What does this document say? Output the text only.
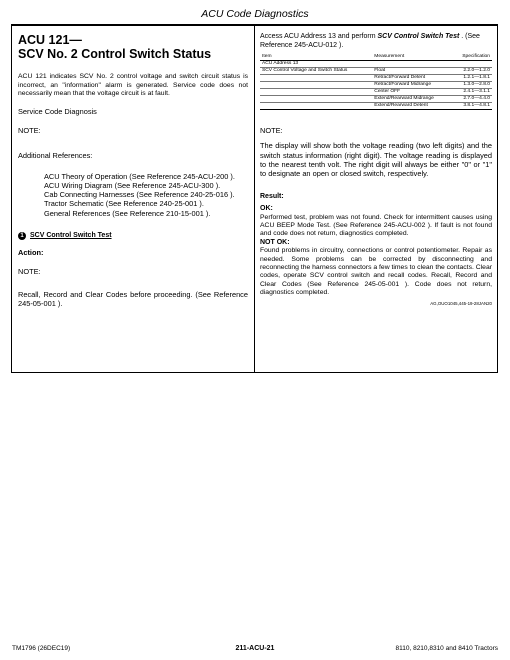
ACU Code Diagnostics
ACU 121—
SCV No. 2 Control Switch Status
ACU 121 indicates SCV No. 2 control voltage and switch circuit status is incorrect, an "information" alarm is generated. Service code does not necessarily mean that the voltage circuit is at fault.
Service Code Diagnosis
NOTE:
Additional References:
ACU Theory of Operation (See Reference 245-ACU-200 ).
ACU Wiring Diagram (See Reference 245-ACU-300 ).
Cab Connecting Harnesses (See Reference 240-25-016 ).
Tractor Schematic (See Reference 240-25-001 ).
General References (See Reference 210-15-001 ).
1 SCV Control Switch Test
Action:
NOTE:
Recall, Record and Clear Codes before proceeding. (See Reference 245-05-001 ).
Access ACU Address 13 and perform SCV Control Switch Test . (See Reference 245-ACU-012 ).
Item	Measurement	Specification
ACU Address 13		
SCV Control Voltage and Switch Status	Float	2.2.0—1.2.0
	Retract/Forward Detent	1.2.1—1.8.1
	Retract/Forward Midrange	1.3.0—2.8.0
	Center OFF	2.4.1—3.1.1
	Extend/Rearward Midrange	2.7.0—4.4.0
	Extend/Rearward Detent	3.8.1—4.8.1
NOTE:
The display will show both the voltage reading (two left digits) and the switch status information (right digit). The voltage reading is displayed to the nearest tenth volt. The right digit will always be either "0" or "1" to designate an open or closed switch, respectively.
Result:
OK:
Performed test, problem was not found. Check for intermittent causes using ACU BEEP Mode Test. (See Reference 245-ACU-002 ). If fault is not found and code does not return, diagnostics completed.
NOT OK:
Found problems in circuitry, connections or control potentiometer. Repair as needed. Some problems can be corrected by disconnecting and reconnecting the harness connectors a few times to clean the contacts. Clear codes, operate SCV control switch and recall codes. Recall, Record and Clear Codes (See Reference 245-05-001 ). Code does not return, diagnostics completed.
AG,OUO1045,445-19-28JAN20
TM1796 (26DEC19)	211-ACU-21	8110, 8210,8310 and 8410 Tractors
